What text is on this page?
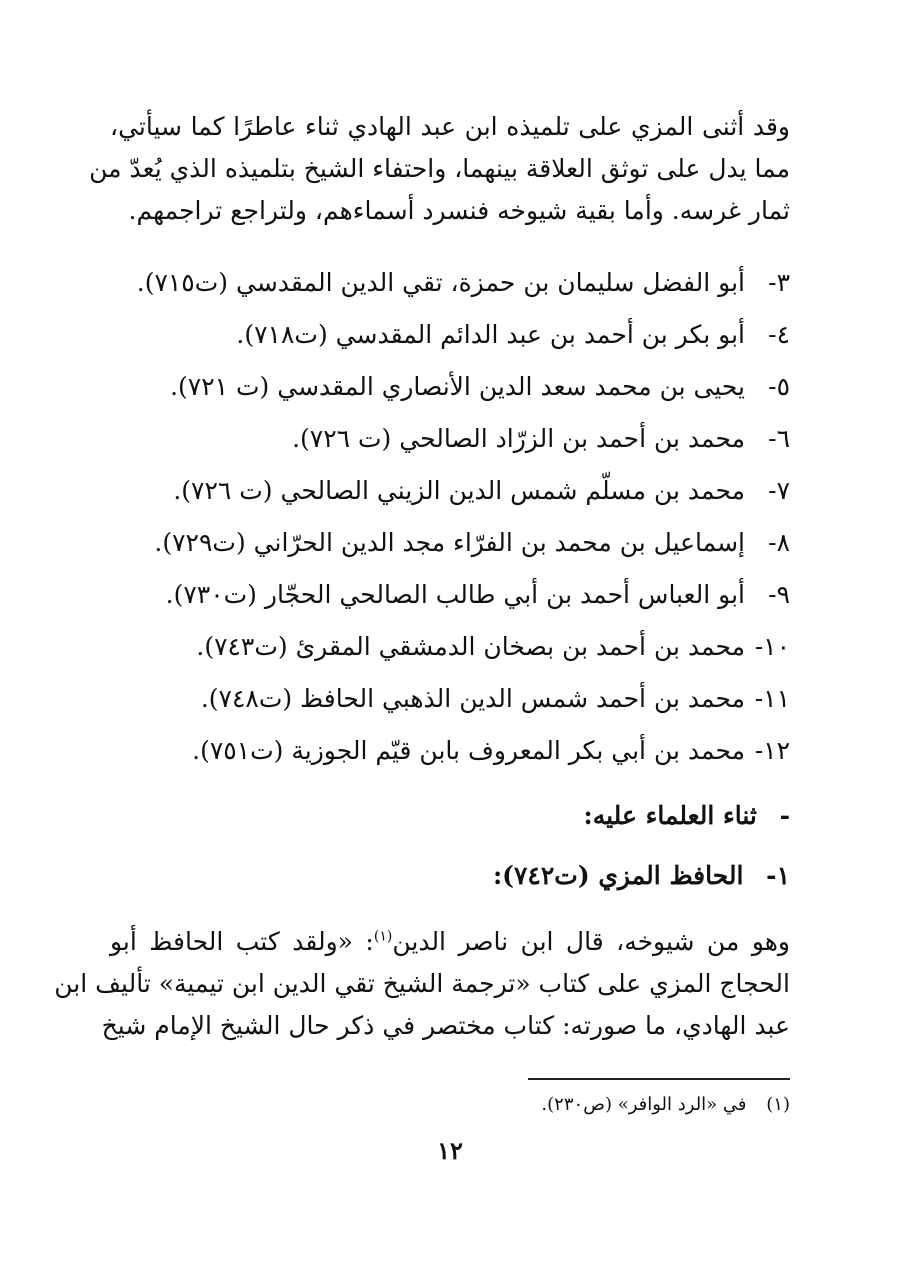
وقد أثنى المزي على تلميذه ابن عبد الهادي ثناء عاطرًا كما سيأتي،
مما يدل على توثق العلاقة بينهما، واحتفاء الشيخ بتلميذه الذي يُعدّ من
ثمار غرسه. وأما بقية شيوخه فنسرد أسماءهم، ولتراجع تراجمهم.
٣-
أبو الفضل سليمان بن حمزة، تقي الدين المقدسي (ت٧١٥).
٤-
أبو بكر بن أحمد بن عبد الدائم المقدسي (ت٧١٨).
٥-
يحيى بن محمد سعد الدين الأنصاري المقدسي (ت ٧٢١).
٦-
محمد بن أحمد بن الزرّاد الصالحي (ت ٧٢٦).
٧-
محمد بن مسلّم شمس الدين الزيني الصالحي (ت ٧٢٦).
٨-
إسماعيل بن محمد بن الفرّاء مجد الدين الحرّاني (ت٧٢٩).
٩-
أبو العباس أحمد بن أبي طالب الصالحي الحجّار (ت٧٣٠).
١٠-
محمد بن أحمد بن بصخان الدمشقي المقرئ (ت٧٤٣).
١١-
محمد بن أحمد شمس الدين الذهبي الحافظ (ت٧٤٨).
١٢-
محمد بن أبي بكر المعروف بابن قيّم الجوزية (ت٧٥١).
- ثناء العلماء عليه:
١- الحافظ المزي (ت٧٤٢):
وهو من شيوخه، قال ابن ناصر الدين$^{(١)}$: «ولقد كتب الحافظ أبو
الحجاج المزي على كتاب «ترجمة الشيخ تقي الدين ابن تيمية» تأليف ابن
عبد الهادي، ما صورته: كتاب مختصر في ذكر حال الشيخ الإمام شيخ
(١) في «الرد الوافر» (ص٢٣٠).
١٢
